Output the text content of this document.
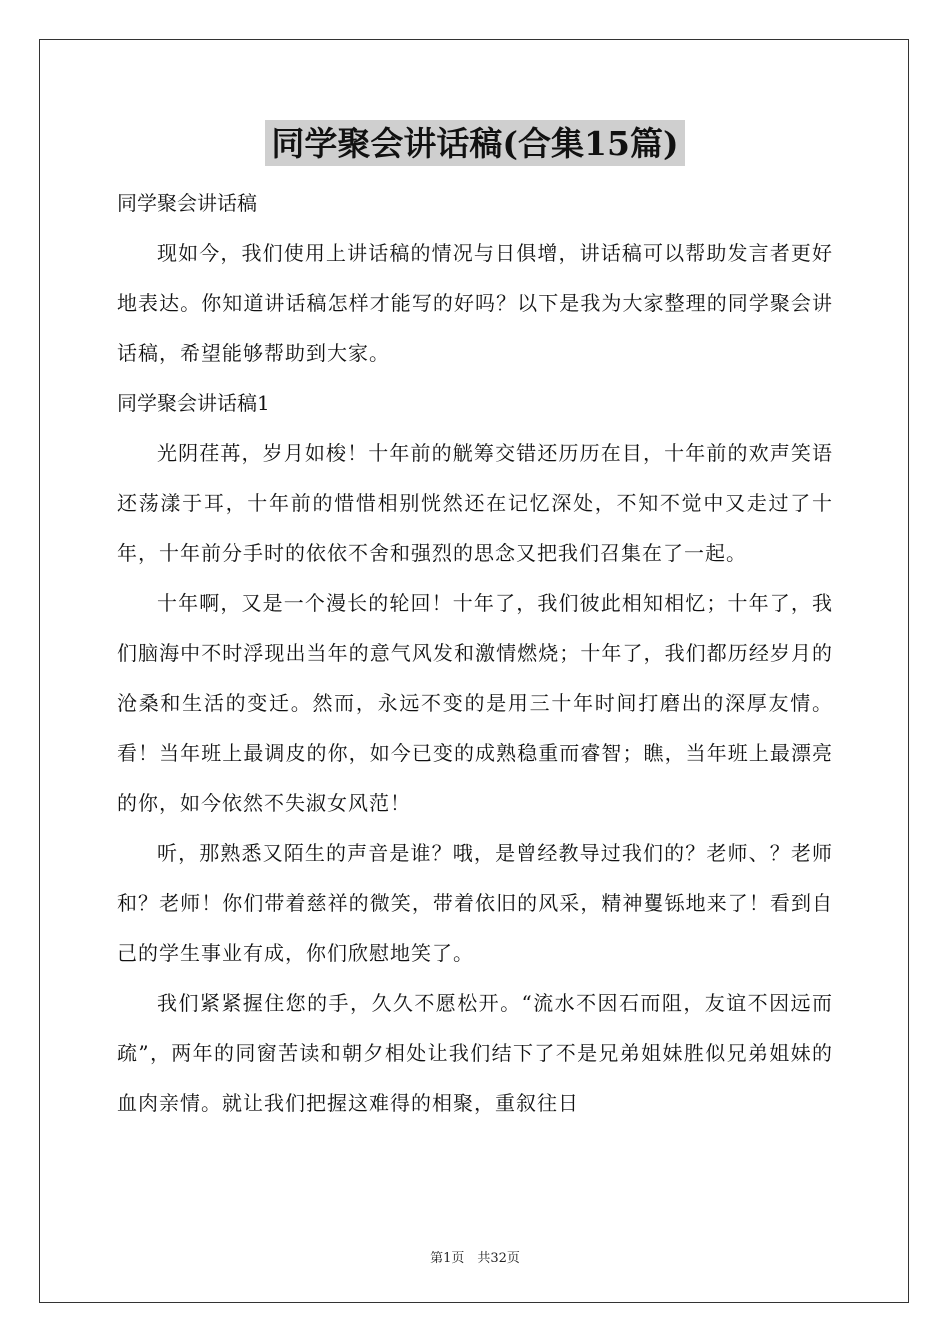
同学聚会讲话稿(合集15篇)

同学聚会讲话稿

现如今，我们使用上讲话稿的情况与日俱增，讲话稿可以帮助发言者更好地表达。你知道讲话稿怎样才能写的好吗？以下是我为大家整理的同学聚会讲话稿，希望能够帮助到大家。

同学聚会讲话稿1

光阴荏苒，岁月如梭！十年前的觥筹交错还历历在目，十年前的欢声笑语还荡漾于耳，十年前的惜惜相别恍然还在记忆深处，不知不觉中又走过了十年，十年前分手时的依依不舍和强烈的思念又把我们召集在了一起。

十年啊，又是一个漫长的轮回！十年了，我们彼此相知相忆；十年了，我们脑海中不时浮现出当年的意气风发和激情燃烧；十年了，我们都历经岁月的沧桑和生活的变迁。然而，永远不变的是用三十年时间打磨出的深厚友情。看！当年班上最调皮的你，如今已变的成熟稳重而睿智；瞧，当年班上最漂亮的你，如今依然不失淑女风范！

听，那熟悉又陌生的声音是谁？哦，是曾经教导过我们的？老师、？老师和？老师！你们带着慈祥的微笑，带着依旧的风采，精神矍铄地来了！看到自己的学生事业有成，你们欣慰地笑了。

我们紧紧握住您的手，久久不愿松开。“流水不因石而阻，友谊不因远而疏”，两年的同窗苦读和朝夕相处让我们结下了不是兄弟姐妹胜似兄弟姐妹的血肉亲情。就让我们把握这难得的相聚，重叙往日

第1页　共32页
